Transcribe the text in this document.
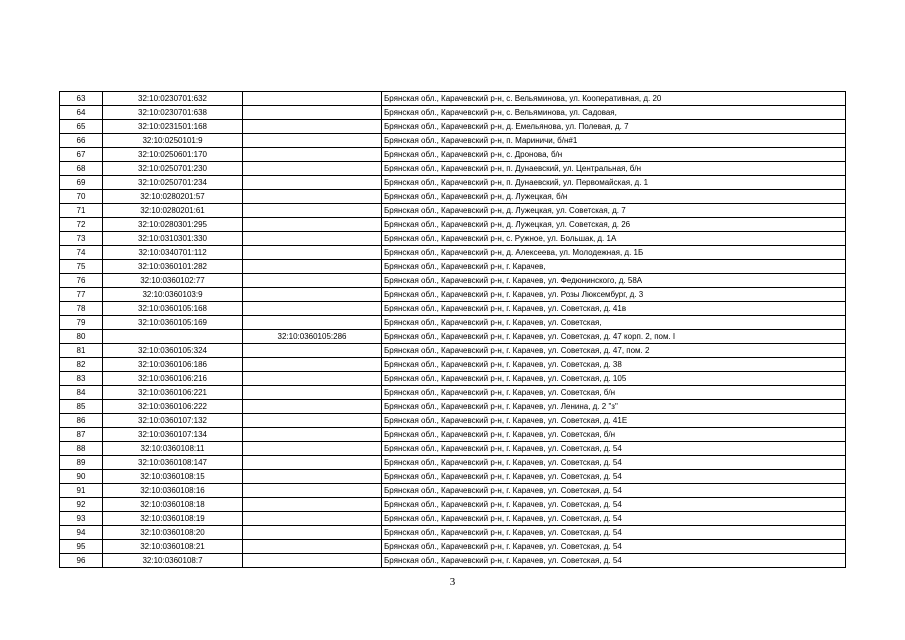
63	32:10:0230701:632		Брянская обл., Карачевский р-н, с. Вельяминова, ул. Кооперативная, д. 20
64	32:10:0230701:638		Брянская обл., Карачевский р-н, с. Вельяминова, ул. Садовая,
65	32:10:0231501:168		Брянская обл., Карачевский р-н, д. Емельянова, ул. Полевая, д. 7
66	32:10:0250101:9		Брянская обл., Карачевский р-н, п. Мариничи, б/н#1
67	32:10:0250601:170		Брянская обл., Карачевский р-н, с. Дронова, б/н
68	32:10:0250701:230		Брянская обл., Карачевский р-н, п. Дунаевский, ул. Центральная, б/н
69	32:10:0250701:234		Брянская обл., Карачевский р-н, п. Дунаевский, ул. Первомайская, д. 1
70	32:10:0280201:57		Брянская обл., Карачевский р-н, д. Лужецкая, б/н
71	32:10:0280201:61		Брянская обл., Карачевский р-н, д. Лужецкая, ул. Советская, д. 7
72	32:10:0280301:295		Брянская обл., Карачевский р-н, д. Лужецкая, ул. Советская, д. 26
73	32:10:0310301:330		Брянская обл., Карачевский р-н, с. Ружное, ул. Большак, д. 1А
74	32:10:0340701:112		Брянская обл., Карачевский р-н, д. Алексеева, ул. Молодежная, д. 1Б
75	32:10:0360101:282		Брянская обл., Карачевский р-н, г. Карачев,
76	32:10:0360102:77		Брянская обл., Карачевский р-н, г. Карачев, ул. Федюнинского, д. 58А
77	32:10:0360103:9		Брянская обл., Карачевский р-н, г. Карачев, ул. Розы Люксембург, д. 3
78	32:10:0360105:168		Брянская обл., Карачевский р-н, г. Карачев, ул. Советская, д. 41в
79	32:10:0360105:169		Брянская обл., Карачевский р-н, г. Карачев, ул. Советская,
80		32:10:0360105:286	Брянская обл., Карачевский р-н, г. Карачев, ул. Советская, д. 47 корп. 2, пом. I
81	32:10:0360105:324		Брянская обл., Карачевский р-н, г. Карачев, ул. Советская, д. 47, пом. 2
82	32:10:0360106:186		Брянская обл., Карачевский р-н, г. Карачев, ул. Советская, д. 38
83	32:10:0360106:216		Брянская обл., Карачевский р-н, г. Карачев, ул. Советская, д. 105
84	32:10:0360106:221		Брянская обл., Карачевский р-н, г. Карачев, ул. Советская, б/н
85	32:10:0360106:222		Брянская обл., Карачевский р-н, г. Карачев, ул. Ленина, д. 2 "з"
86	32:10:0360107:132		Брянская обл., Карачевский р-н, г. Карачев, ул. Советская, д. 41Е
87	32:10:0360107:134		Брянская обл., Карачевский р-н, г. Карачев, ул. Советская, б/н
88	32:10:0360108:11		Брянская обл., Карачевский р-н, г. Карачев, ул. Советская, д. 54
89	32:10:0360108:147		Брянская обл., Карачевский р-н, г. Карачев, ул. Советская, д. 54
90	32:10:0360108:15		Брянская обл., Карачевский р-н, г. Карачев, ул. Советская, д. 54
91	32:10:0360108:16		Брянская обл., Карачевский р-н, г. Карачев, ул. Советская, д. 54
92	32:10:0360108:18		Брянская обл., Карачевский р-н, г. Карачев, ул. Советская, д. 54
93	32:10:0360108:19		Брянская обл., Карачевский р-н, г. Карачев, ул. Советская, д. 54
94	32:10:0360108:20		Брянская обл., Карачевский р-н, г. Карачев, ул. Советская, д. 54
95	32:10:0360108:21		Брянская обл., Карачевский р-н, г. Карачев, ул. Советская, д. 54
96	32:10:0360108:7		Брянская обл., Карачевский р-н, г. Карачев, ул. Советская, д. 54
3
